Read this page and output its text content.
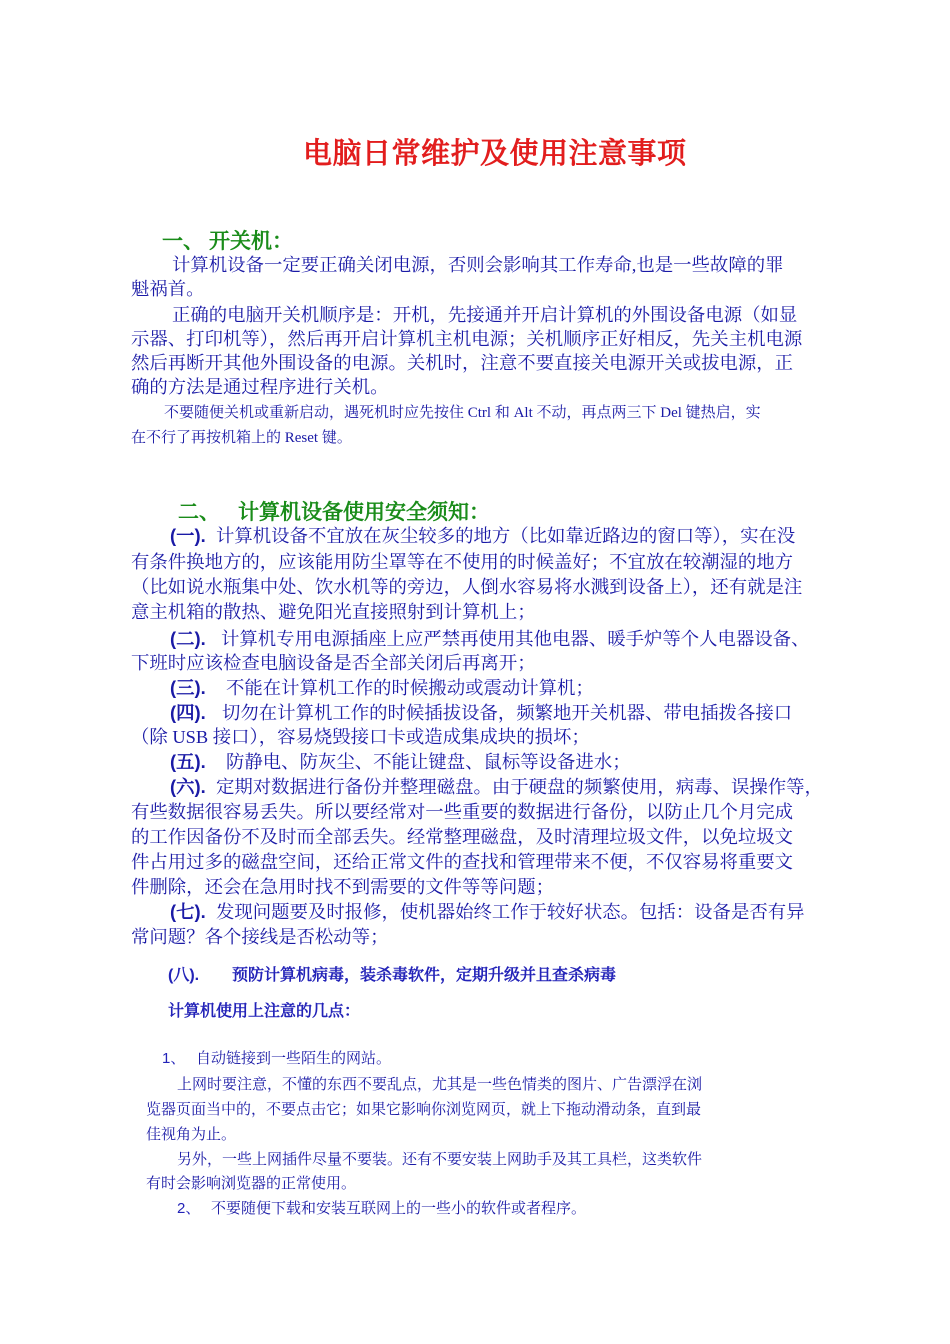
电脑日常维护及使用注意事项
一、 开关机：
计算机设备一定要正确关闭电源，否则会影响其工作寿命,也是一些故障的罪
魁祸首。
正确的电脑开关机顺序是：开机，先接通并开启计算机的外围设备电源（如显
示器、打印机等），然后再开启计算机主机电源；关机顺序正好相反，先关主机电源
然后再断开其他外围设备的电源。关机时，注意不要直接关电源开关或拔电源，正
确的方法是通过程序进行关机。
不要随便关机或重新启动，遇死机时应先按住 Ctrl 和 Alt 不动，再点两三下 Del 键热启，实
在不行了再按机箱上的 Reset 键。
二、 计算机设备使用安全须知：
(一). 计算机设备不宜放在灰尘较多的地方（比如靠近路边的窗口等），实在没
有条件换地方的，应该能用防尘罩等在不使用的时候盖好；不宜放在较潮湿的地方
（比如说水瓶集中处、饮水机等的旁边，人倒水容易将水溅到设备上），还有就是注
意主机箱的散热、避免阳光直接照射到计算机上；
(二). 计算机专用电源插座上应严禁再使用其他电器、暖手炉等个人电器设备、
下班时应该检查电脑设备是否全部关闭后再离开；
(三). 不能在计算机工作的时候搬动或震动计算机；
(四). 切勿在计算机工作的时候插拔设备，频繁地开关机器、带电插拨各接口
（除 USB 接口），容易烧毁接口卡或造成集成块的损坏；
(五). 防静电、防灰尘、不能让键盘、鼠标等设备进水；
(六). 定期对数据进行备份并整理磁盘。由于硬盘的频繁使用，病毒、误操作等，
有些数据很容易丢失。所以要经常对一些重要的数据进行备份，以防止几个月完成
的工作因备份不及时而全部丢失。经常整理磁盘，及时清理垃圾文件，以免垃圾文
件占用过多的磁盘空间，还给正常文件的查找和管理带来不便，不仅容易将重要文
件删除，还会在急用时找不到需要的文件等等问题；
(七). 发现问题要及时报修，使机器始终工作于较好状态。包括：设备是否有异
常问题？各个接线是否松动等；
(八). 预防计算机病毒，装杀毒软件，定期升级并且查杀病毒
计算机使用上注意的几点：
1、 自动链接到一些陌生的网站。
上网时要注意，不懂的东西不要乱点，尤其是一些色情类的图片、广告漂浮在浏
览器页面当中的，不要点击它；如果它影响你浏览网页，就上下拖动滑动条，直到最
佳视角为止。
另外，一些上网插件尽量不要装。还有不要安装上网助手及其工具栏，这类软件
有时会影响浏览器的正常使用。
2、 不要随便下载和安装互联网上的一些小的软件或者程序。
